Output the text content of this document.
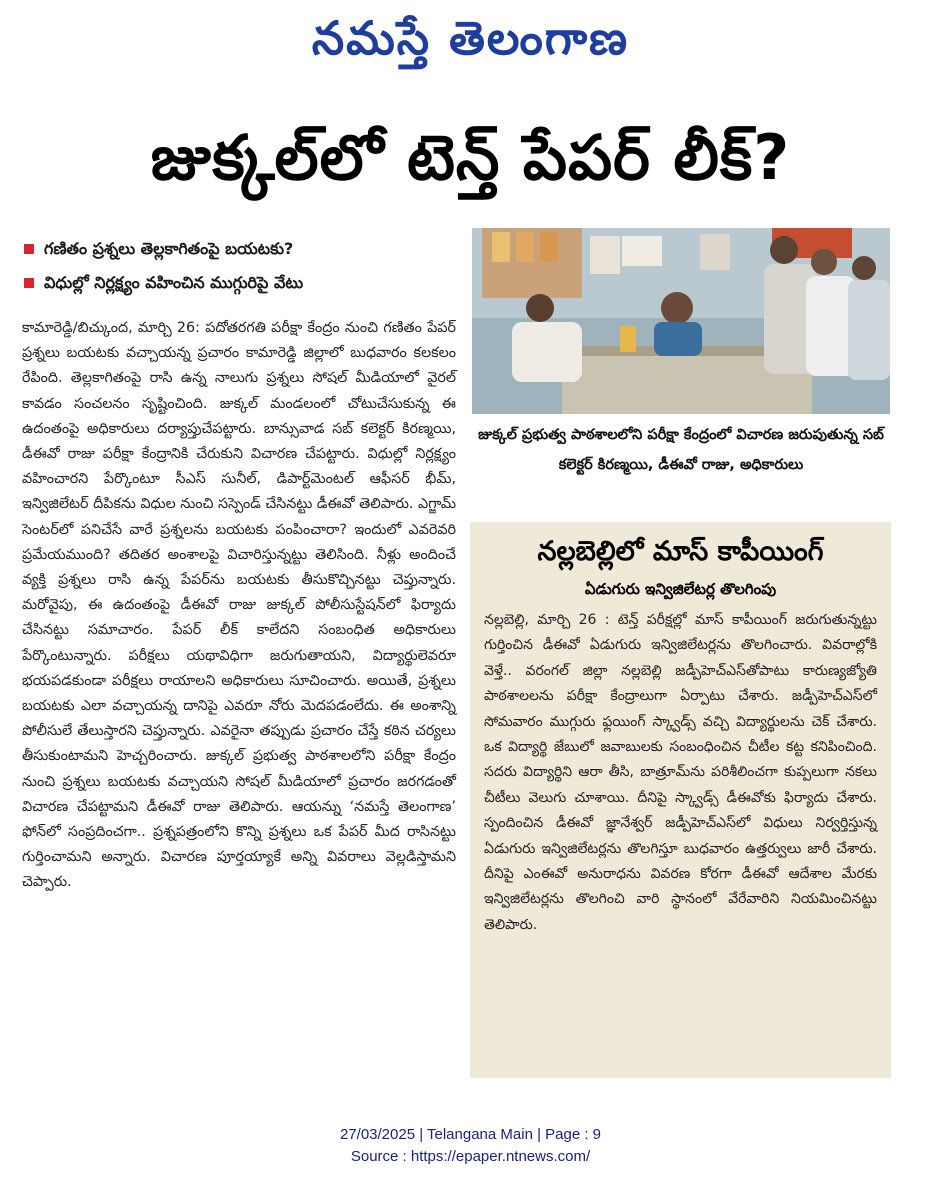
నమస్తే తెలంగాణ
జుక్కల్‌లో టెన్త్ పేపర్ లీక్?
గణితం ప్రశ్నలు తెల్లకాగితంపై బయటకు?
విధుల్లో నిర్లక్ష్యం వహించిన ముగ్గురిపై వేటు

కామారెడ్డి/బిచ్కుంద, మార్చి 26: పదోతరగతి పరీక్షా కేంద్రం నుంచి గణితం పేపర్ ప్రశ్నలు బయటకు వచ్చాయన్న ప్రచారం కామారెడ్డి జిల్లాలో బుధవారం కలకలం రేపింది. తెల్లకాగితంపై రాసి ఉన్న నాలుగు ప్రశ్నలు సోషల్ మీడియాలో వైరల్ కావడం సంచలనం సృష్టించింది. జుక్కల్ మండలంలో చోటుచేసుకున్న ఈ ఉదంతంపై అధికారులు దర్యాప్తుచేపట్టారు. బాన్సువాడ సబ్ కలెక్టర్ కిరణ్మయి, డీఈవో రాజు పరీక్షా కేంద్రానికి చేరుకుని విచారణ చేపట్టారు. విధుల్లో నిర్లక్ష్యం వహించారని పేర్కొంటూ సీఎస్ సునీల్, డిపార్ట్‌మెంటల్ ఆఫీసర్ భీమ్, ఇన్విజిలేటర్ దీపికను విధుల నుంచి సస్పెండ్ చేసినట్టు డీఈవో తెలిపారు. ఎగ్జామ్ సెంటర్‌లో పనిచేసే వారే ప్రశ్నలను బయటకు పంపించారా? ఇందులో ఎవరెవరి ప్రమేయముంది? తదితర అంశాలపై విచారిస్తున్నట్టు తెలిసింది. నీళ్లు అందించే వ్యక్తి ప్రశ్నలు రాసి ఉన్న పేపర్‌ను బయటకు తీసుకొచ్చినట్టు చెప్తున్నారు. మరోవైపు, ఈ ఉదంతంపై డీఈవో రాజు జుక్కల్ పోలీసుస్టేషన్‌లో ఫిర్యాదు చేసినట్టు సమాచారం. పేపర్ లీక్ కాలేదని సంబంధిత అధికారులు పేర్కొంటున్నారు. పరీక్షలు యథావిధిగా జరుగుతాయని, విద్యార్థులెవరూ భయపడకుండా పరీక్షలు రాయాలని అధికారులు సూచించారు. అయితే, ప్రశ్నలు బయటకు ఎలా వచ్చాయన్న దానిపై ఎవరూ నోరు మెదపడంలేదు. ఈ అంశాన్ని పోలీసులే తేలుస్తారని చెప్తున్నారు. ఎవరైనా తప్పుడు ప్రచారం చేస్తే కఠిన చర్యలు తీసుకుంటామని హెచ్చరించారు. జుక్కల్ ప్రభుత్వ పాఠశాలలోని పరీక్షా కేంద్రం నుంచి ప్రశ్నలు బయటకు వచ్చాయని సోషల్ మీడియాలో ప్రచారం జరగడంతో విచారణ చేపట్టామని డీఈవో రాజు తెలిపారు. ఆయన్ను ‘నమస్తే తెలంగాణ’ ఫోన్‌లో సంప్రదించగా.. ప్రశ్నపత్రంలోని కొన్ని ప్రశ్నలు ఒక పేపర్ మీద రాసినట్టు గుర్తించామని అన్నారు. విచారణ పూర్తయ్యాకే అన్ని వివరాలు వెల్లడిస్తామని చెప్పారు.

జుక్కల్ ప్రభుత్వ పాఠశాలలోని పరీక్షా కేంద్రంలో విచారణ జరుపుతున్న సబ్ కలెక్టర్ కిరణ్మయి, డీఈవో రాజు, అధికారులు
నల్లబెల్లిలో మాస్ కాపీయింగ్
ఏడుగురు ఇన్విజిలేటర్ల తొలగింపు

నల్లబెల్లి, మార్చి 26 : టెన్త్ పరీక్షల్లో మాస్ కాపీయింగ్ జరుగుతున్నట్టు గుర్తించిన డీఈవో ఏడుగురు ఇన్విజిలేటర్లను తొలగించారు. వివరాల్లోకి వెళ్తే.. వరంగల్ జిల్లా నల్లబెల్లి జడ్పీహెచ్‌ఎస్‌తోపాటు కారుణ్యజ్యోతి పాఠశాలలను పరీక్షా కేంద్రాలుగా ఏర్పాటు చేశారు. జడ్పీహెచ్‌ఎస్‌లో సోమవారం ముగ్గురు ఫ్లయింగ్ స్క్వాడ్స్ వచ్చి విద్యార్థులను చెక్ చేశారు. ఒక విద్యార్థి జేబులో జవాబులకు సంబంధించిన చీటీల కట్ట కనిపించింది. సదరు విద్యార్థిని ఆరా తీసి, బాత్రూమ్‌ను పరిశీలించగా కుప్పలుగా నకలు చీటీలు వెలుగు చూశాయి. దీనిపై స్క్వాడ్స్ డీఈవోకు ఫిర్యాదు చేశారు. స్పందించిన డీఈవో జ్ఞానేశ్వర్ జడ్పీహెచ్‌ఎస్‌లో విధులు నిర్వర్తిస్తున్న ఏడుగురు ఇన్విజిలేటర్లను తొలగిస్తూ బుధవారం ఉత్తర్వులు జారీ చేశారు. దీనిపై ఎంఈవో అనురాధను వివరణ కోరగా డీఈవో ఆదేశాల మేరకు ఇన్విజిలేటర్లను తొలగించి వారి స్థానంలో వేరేవారిని నియమించినట్టు తెలిపారు.

27/03/2025 | Telangana Main | Page : 9
Source : https://epaper.ntnews.com/
